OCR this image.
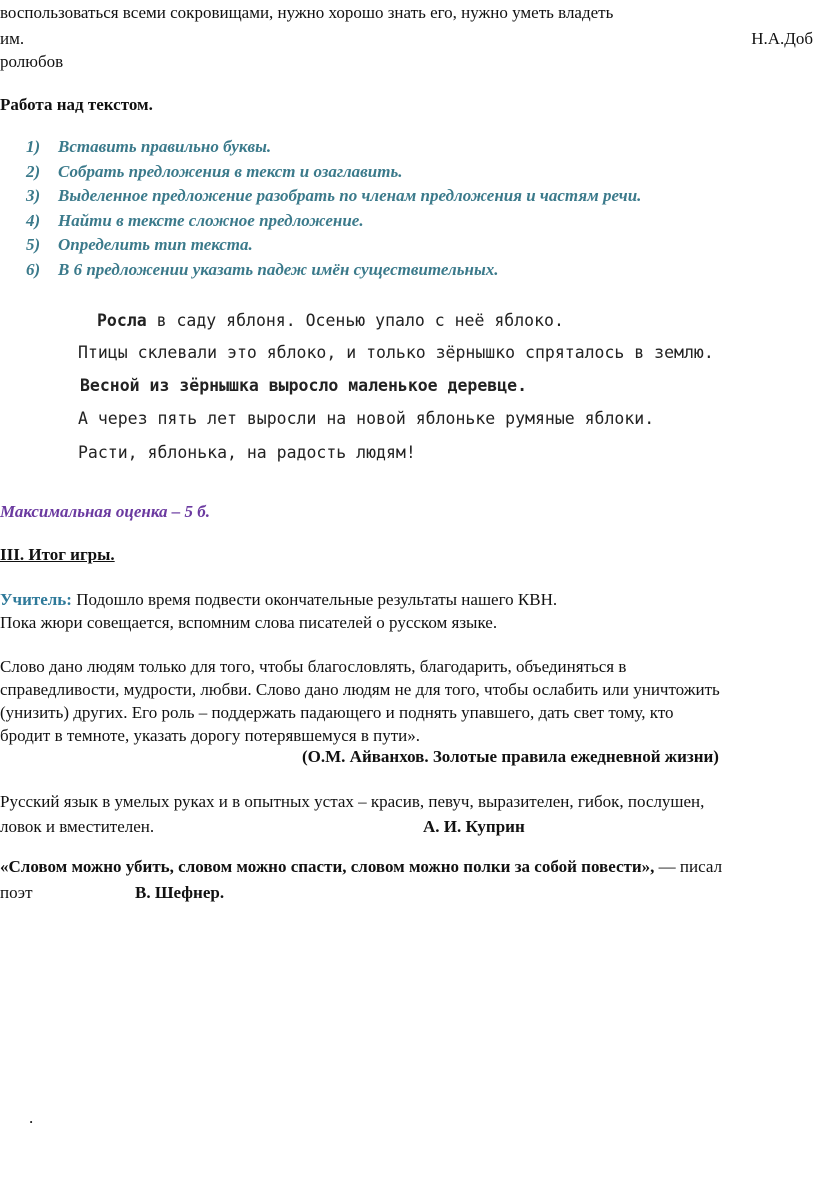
воспользоваться всеми сокровищами, нужно хорошо знать его, нужно уметь владеть
им.	Н.А.Доб
ролюбов
Работа над текстом.
1) Вставить правильно буквы.
2) Собрать предложения в текст и озаглавить.
3) Выделенное предложение разобрать по членам предложения и частям речи.
4) Найти в тексте сложное предложение.
5) Определить тип текста.
6) В 6 предложении указать падеж имён существительных.
Росла в саду яблоня. Осенью упало с неё яблоко.
Птицы склевали это яблоко, и только зёрнышко спряталось в землю.
Весной из зёрнышка выросло маленькое деревце.
А через пять лет выросли на новой яблоньке румяные яблоки.
Расти, яблонька, на радость людям!
Максимальная оценка – 5 б.
III. Итог игры.
Учитель: Подошло время подвести окончательные результаты нашего КВН.
Пока жюри совещается, вспомним слова писателей о русском языке.
Слово дано людям только для того, чтобы благословлять, благодарить, объединяться в
справедливости, мудрости, любви. Слово дано людям не для того, чтобы ослабить или уничтожить
(унизить) других. Его роль – поддержать падающего и поднять упавшего, дать свет тому, кто
бродит в темноте, указать дорогу потерявшемуся в пути».
(О.М. Айванхов. Золотые правила ежедневной жизни)
Русский язык в умелых руках и в опытных устах – красив, певуч, выразителен, гибок, послушен,
ловок и вместителен.	А. И. Куприн
«Словом можно убить, словом можно спасти, словом можно полки за собой повести», — писал
поэт	В. Шефнер.
.
